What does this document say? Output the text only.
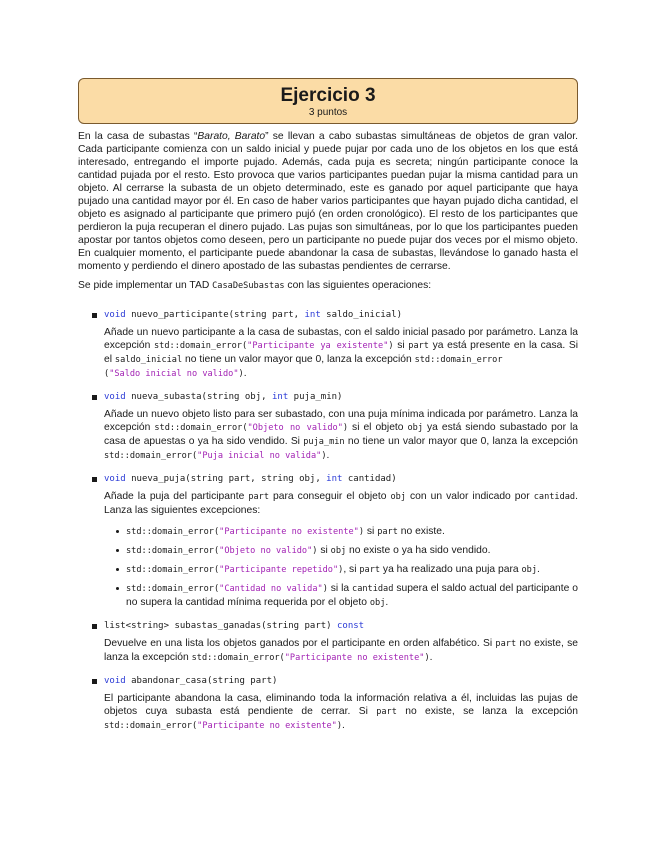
Ejercicio 3
3 puntos

En la casa de subastas “Barato, Barato” se llevan a cabo subastas simultáneas de objetos de gran valor. Cada participante comienza con un saldo inicial y puede pujar por cada uno de los objetos en los que está interesado, entregando el importe pujado. Además, cada puja es secreta; ningún participante conoce la cantidad pujada por el resto. Esto provoca que varios participantes puedan pujar la misma cantidad para un objeto. Al cerrarse la subasta de un objeto determinado, este es ganado por aquel participante que haya pujado una cantidad mayor por él. En caso de haber varios participantes que hayan pujado dicha cantidad, el objeto es asignado al participante que primero pujó (en orden cronológico). El resto de los participantes que perdieron la puja recuperan el dinero pujado. Las pujas son simultáneas, por lo que los participantes pueden apostar por tantos objetos como deseen, pero un participante no puede pujar dos veces por el mismo objeto. En cualquier momento, el participante puede abandonar la casa de subastas, llevándose lo ganado hasta el momento y perdiendo el dinero apostado de las subastas pendientes de cerrarse.

Se pide implementar un TAD CasaDeSubastas con las siguientes operaciones:

void nuevo_participante(string part, int saldo_inicial)

Añade un nuevo participante a la casa de subastas, con el saldo inicial pasado por parámetro. Lanza la excepción std::domain_error("Participante ya existente") si part ya está presente en la casa. Si el saldo_inicial no tiene un valor mayor que 0, lanza la excepción std::domain_error
("Saldo inicial no valido").

void nueva_subasta(string obj, int puja_min)

Añade un nuevo objeto listo para ser subastado, con una puja mínima indicada por parámetro. Lanza la excepción std::domain_error("Objeto no valido") si el objeto obj ya está siendo subastado por la casa de apuestas o ya ha sido vendido. Si puja_min no tiene un valor mayor que 0, lanza la excepción std::domain_error("Puja inicial no valida").

void nueva_puja(string part, string obj, int cantidad)

Añade la puja del participante part para conseguir el objeto obj con un valor indicado por cantidad. Lanza las siguientes excepciones:

std::domain_error("Participante no existente") si part no existe.
std::domain_error("Objeto no valido") si obj no existe o ya ha sido vendido.
std::domain_error("Participante repetido"), si part ya ha realizado una puja para obj.
std::domain_error("Cantidad no valida") si la cantidad supera el saldo actual del participante o no supera la cantidad mínima requerida por el objeto obj.
list<string> subastas_ganadas(string part) const

Devuelve en una lista los objetos ganados por el participante en orden alfabético. Si part no existe, se lanza la excepción std::domain_error("Participante no existente").

void abandonar_casa(string part)

El participante abandona la casa, eliminando toda la información relativa a él, incluidas las pujas de objetos cuya subasta está pendiente de cerrar. Si part no existe, se lanza la excepción std::domain_error("Participante no existente").
